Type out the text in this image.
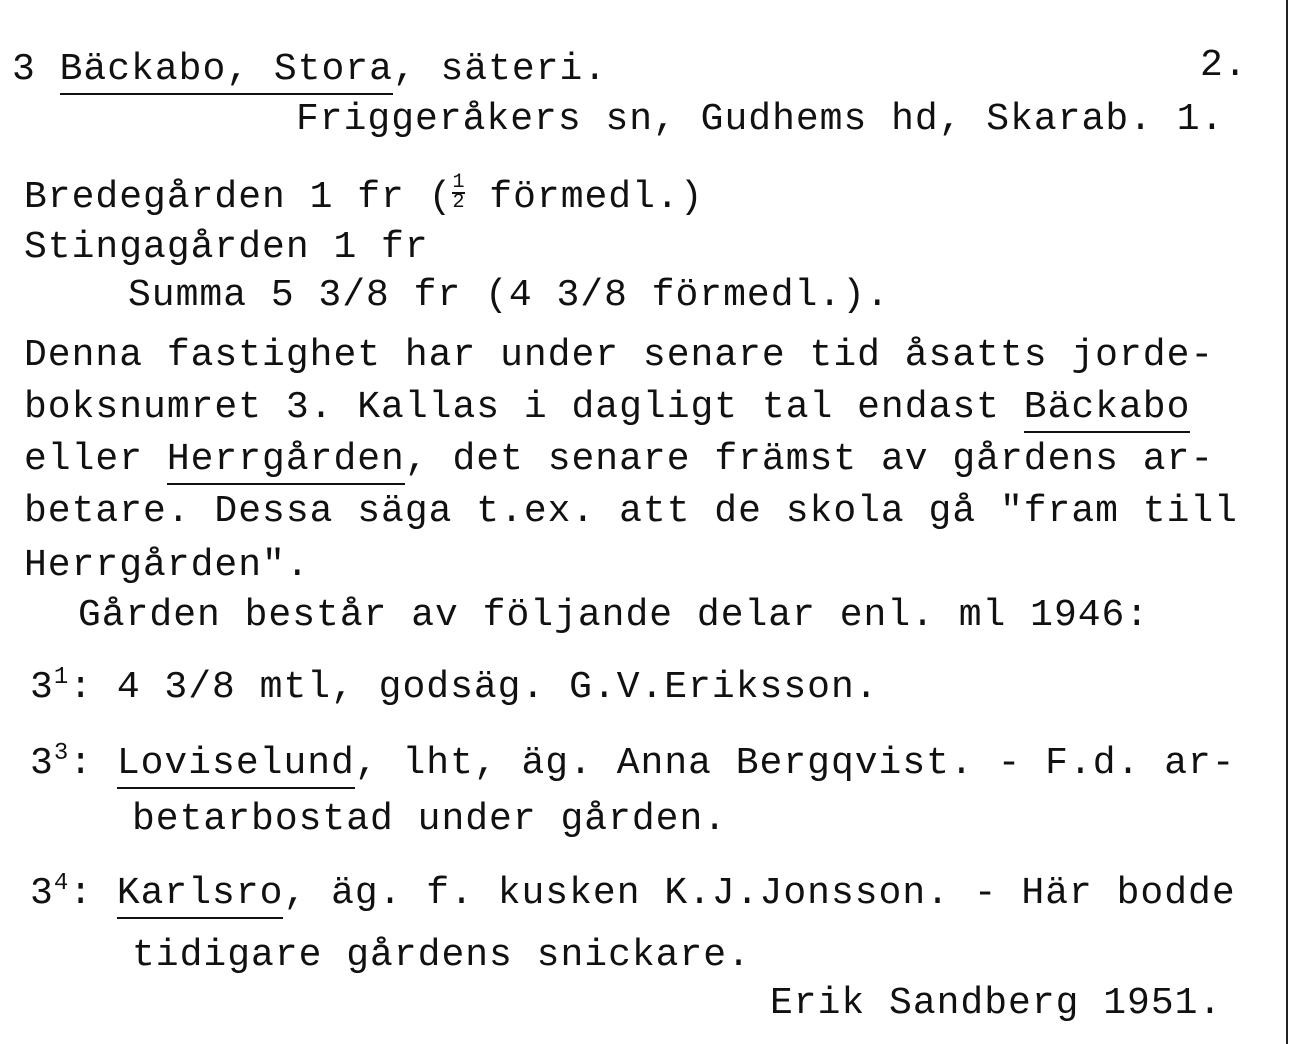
3 Bäckabo, Stora, säteri.	2.
Friggeråkers sn, Gudhems hd, Skarab. 1.
Bredegården 1 fr ( $\frac{1}{2}$ förmedl.)
Stingagården 1 fr
Summa 5 3/8 fr (4 3/8 förmedl.).
Denna fastighet har under senare tid åsatts jorde-
boksnumret 3. Kallas i dagligt tal endast Bäckabo
eller Herrgården, det senare främst av gårdens ar-
betare. Dessa säga t.ex. att de skola gå "fram till
Herrgården".
Gården består av följande delar enl. ml 1946:
$3^1$: 4 3/8 mtl, godsäg. G.V.Eriksson.
$3^3$: Loviselund, lht, äg. Anna Bergqvist. - F.d. ar-
betarbostad under gården.
$3^4$: Karlsro, äg. f. kusken K.J.Jonsson. - Här bodde
tidigare gårdens snickare.
Erik Sandberg 1951.
